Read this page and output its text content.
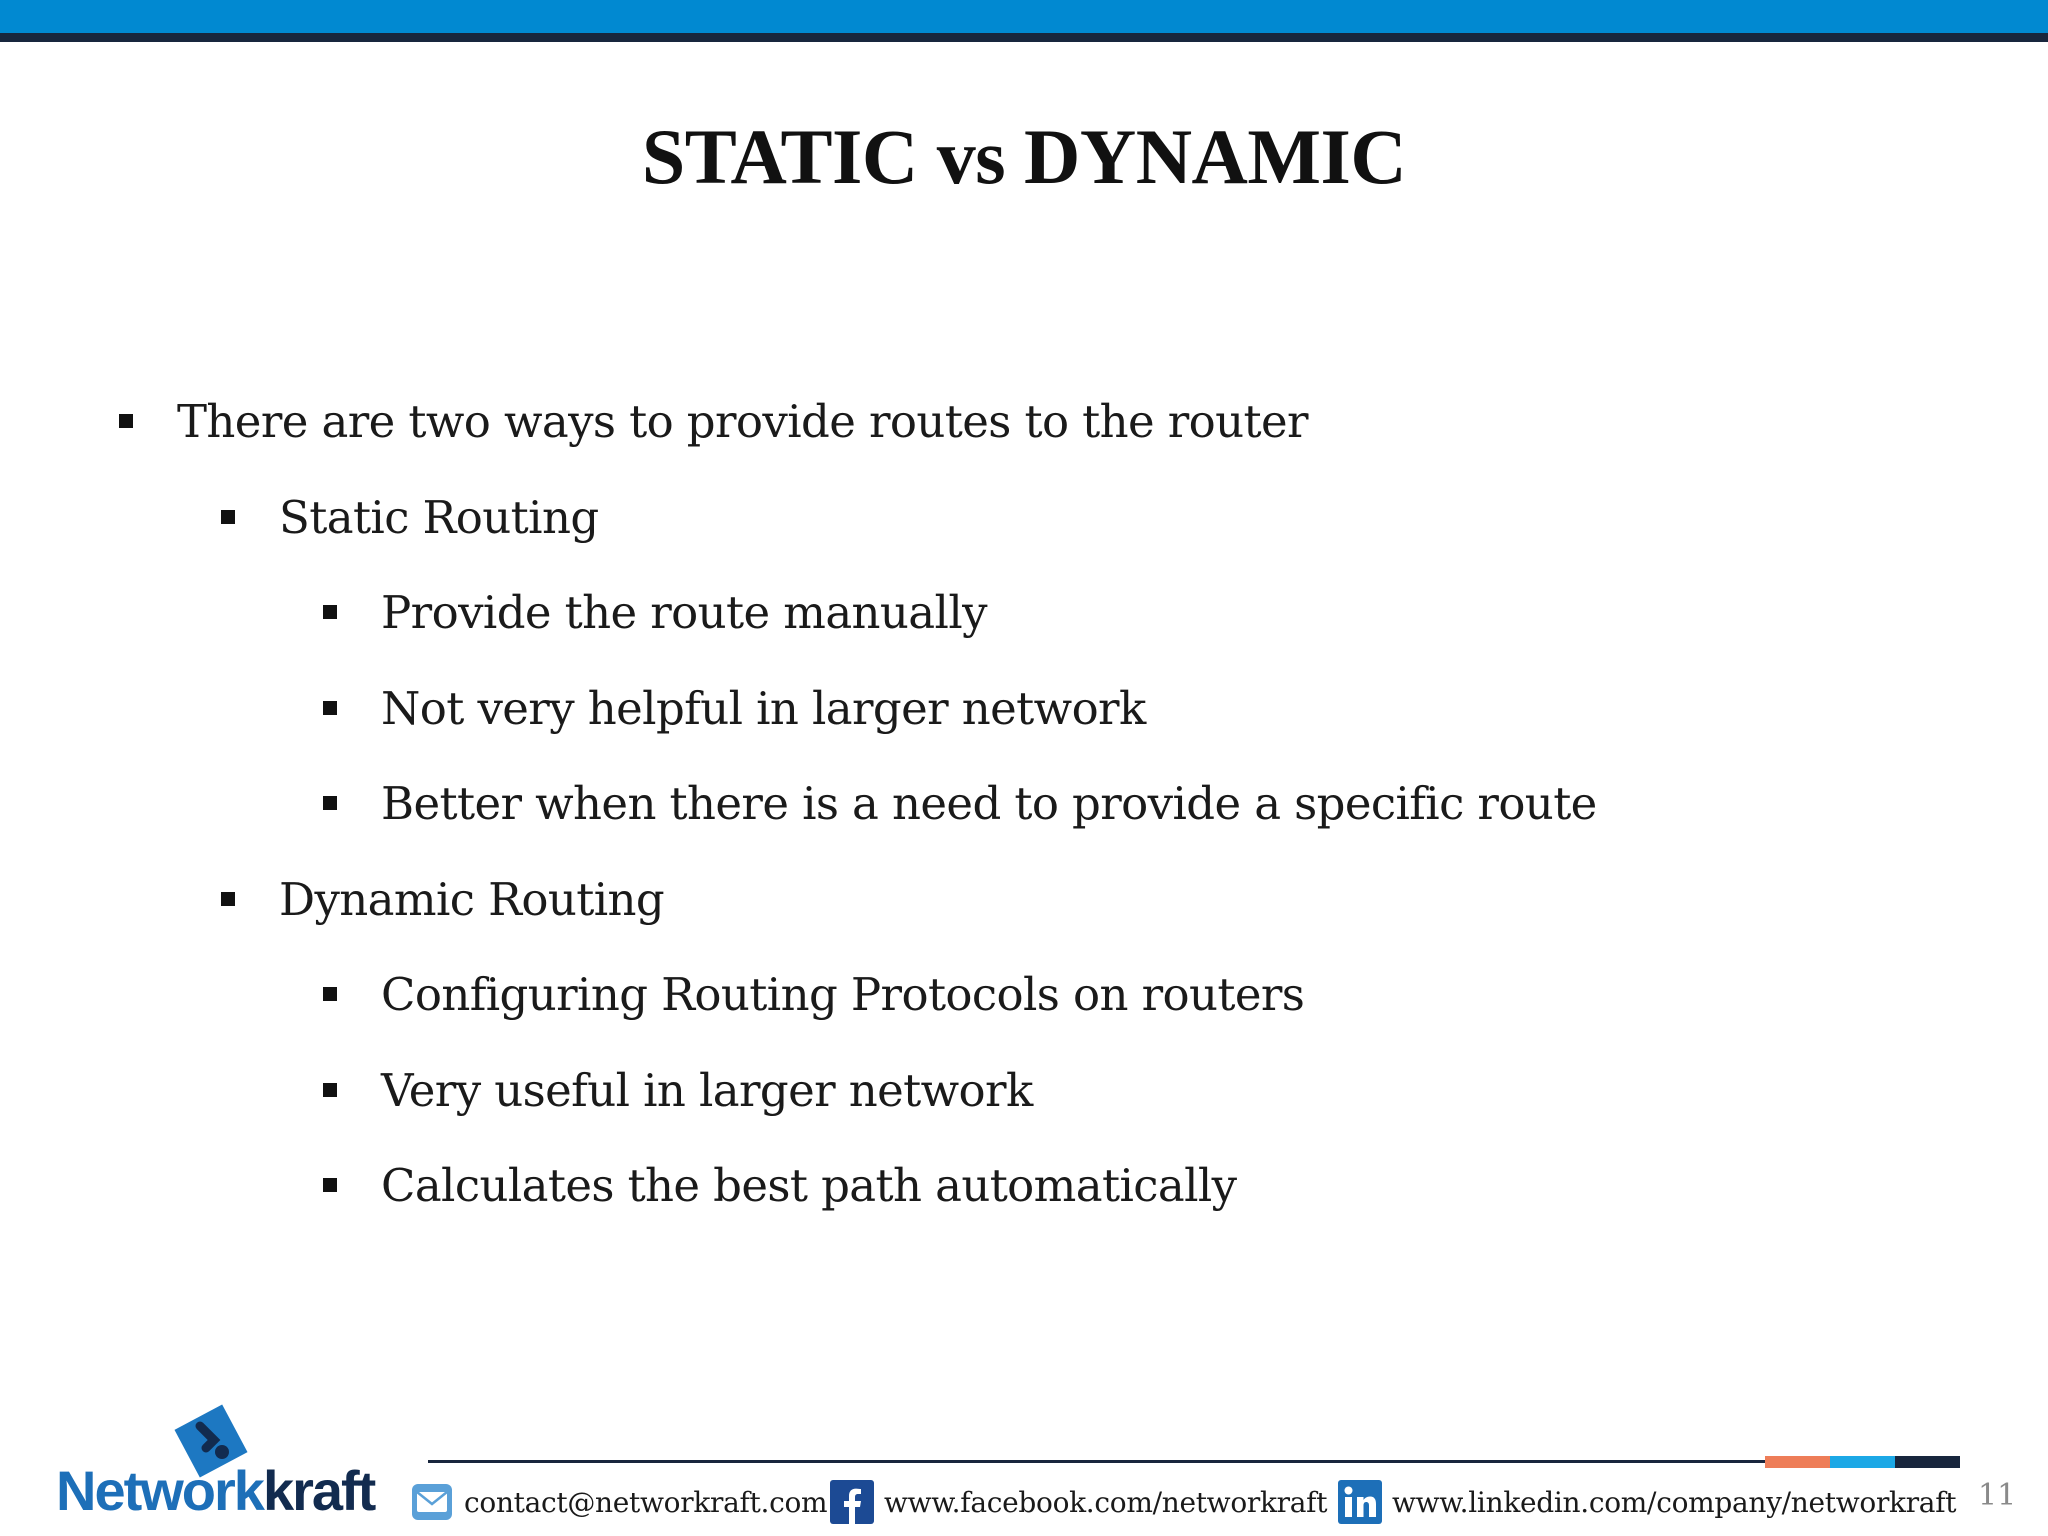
STATIC vs DYNAMIC
There are two ways to provide routes to the router
Static Routing
Provide the route manually
Not very helpful in larger network
Better when there is a need to provide a specific route
Dynamic Routing
Configuring Routing Protocols on routers
Very useful in larger network
Calculates the best path automatically
Networkkraft	contact@networkraft.com www.facebook.com/networkraft www.linkedin.com/company/networkraft 11
